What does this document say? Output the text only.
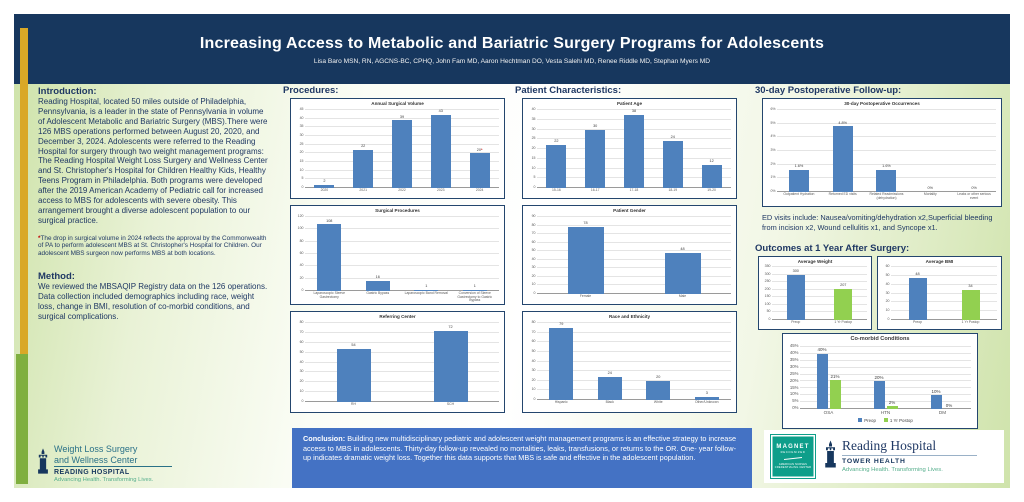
Increasing Access to Metabolic and Bariatric Surgery Programs for Adolescents
Lisa Baro MSN, RN, AGCNS-BC, CPHQ, John Fam MD, Aaron Hechtman DO, Vesta Salehi MD, Renee Riddle MD, Stephan Myers MD
Introduction:
Reading Hospital, located 50 miles outside of Philadelphia, Pennsylvania, is a leader in the state of Pennsylvania in volume of Adolescent Metabolic and Bariatric Surgery (MBS).There were 126 MBS operations performed between August 20, 2020, and December 3, 2024. Adolescents were referred to the Reading Hospital for surgery through two weight management programs: The Reading Hospital Weight Loss Surgery and Wellness Center and St. Christopher's Hospital for Children Healthy Kids, Healthy Teens Program in Philadelphia. Both programs were developed after the 2019 American Academy of Pediatric call for increased access to MBS for adolescents with severe obesity. This arrangement brought a diverse adolescent population to our surgical practice.
*The drop in surgical volume in 2024 reflects the approval by the Commonwealth of PA to perform adolescent MBS at St. Christopher's Hospital for Children. Our adolescent MBS surgeon now performs MBS at both locations.
Method:
We reviewed the MBSAQIP Registry data on the 126 operations. Data collection included demographics including race, weight loss, change in BMI, resolution of co-morbid conditions, and surgical complications.
Weight Loss Surgery
and Wellness Center
READING HOSPITAL
Advancing Health. Transforming Lives.
Procedures:	Patient Characteristics:	30-day Postoperative Follow-up:
Outcomes at 1 Year After Surgery:
Annual Surgical Volume
0
5
10
15
20
25
30
35
40
45
2
22
39
43
20*
2020	2021	2022	2023	2024
Surgical Procedures
0
20
40
60
80
100
120
108
16
1	1
Laparoscopic Sleeve Gastrectomy
Gastric Bypass	Laparoscopic Band Removal	Conversion of Sleeve Gastrectomy to Gastric Bypass
Referring Center
0
10
20
30
40
50
60
70
80
54
72
RH	SCH
Patient Age
0
5
10
15
20
25
30
35
40
22
30
38
24
12
15-16	16-17	17-18	18-19	19-20
Patient Gender
0
10
20
30
40
50
60
70
80
90
78
48
Female	Male
Race and Ethnicity
0
10
20
30
40
50
60
70
80	79
24
20
3
Hispanic	Black	White	Other/Unknown
30-day Postoperative Occurrences
0%
1%
2%
3%
4%
5%
6%
1.6%
4.8%
1.6%
0%	0%
Outpatient Hydration	Returned ED visits	Related Readmissions (dehydration)
Mortality	Leaks or other serious event
ED visits include: Nausea/vomiting/dehydration x2,Superficial bleeding from incision x2, Wound cellulitis x1, and Syncope x1.
Average Weight
0
50
100
150
200
250
300
350
300
207
Preop	1 Yr Postop
Average BMI
0
10
20
30
40
50
60
48
34
Preop	1 Yr Postop
Co-morbid Conditions
0%
5%
10%
15%
20%
25%
30%
35%
40%
45%
40%
21%	20%
2%
10%
0%
OSA	HTN	DM
Preop	1 Yr Postop
Conclusion: Building new multidisciplinary pediatric and adolescent weight management programs is an effective strategy to increase access to MBS in adolescents. Thirty-day follow-up revealed no mortalities, leaks, transfusions, or returns to the OR. One- year follow-up indicates dramatic weight loss. Together this data supports that MBS is safe and effective in the adolescent population.
MAGNET
RECOGNIZED
AMERICAN NURSES CREDENTIALING CENTER
Reading Hospital
TOWER HEALTH
Advancing Health. Transforming Lives.
